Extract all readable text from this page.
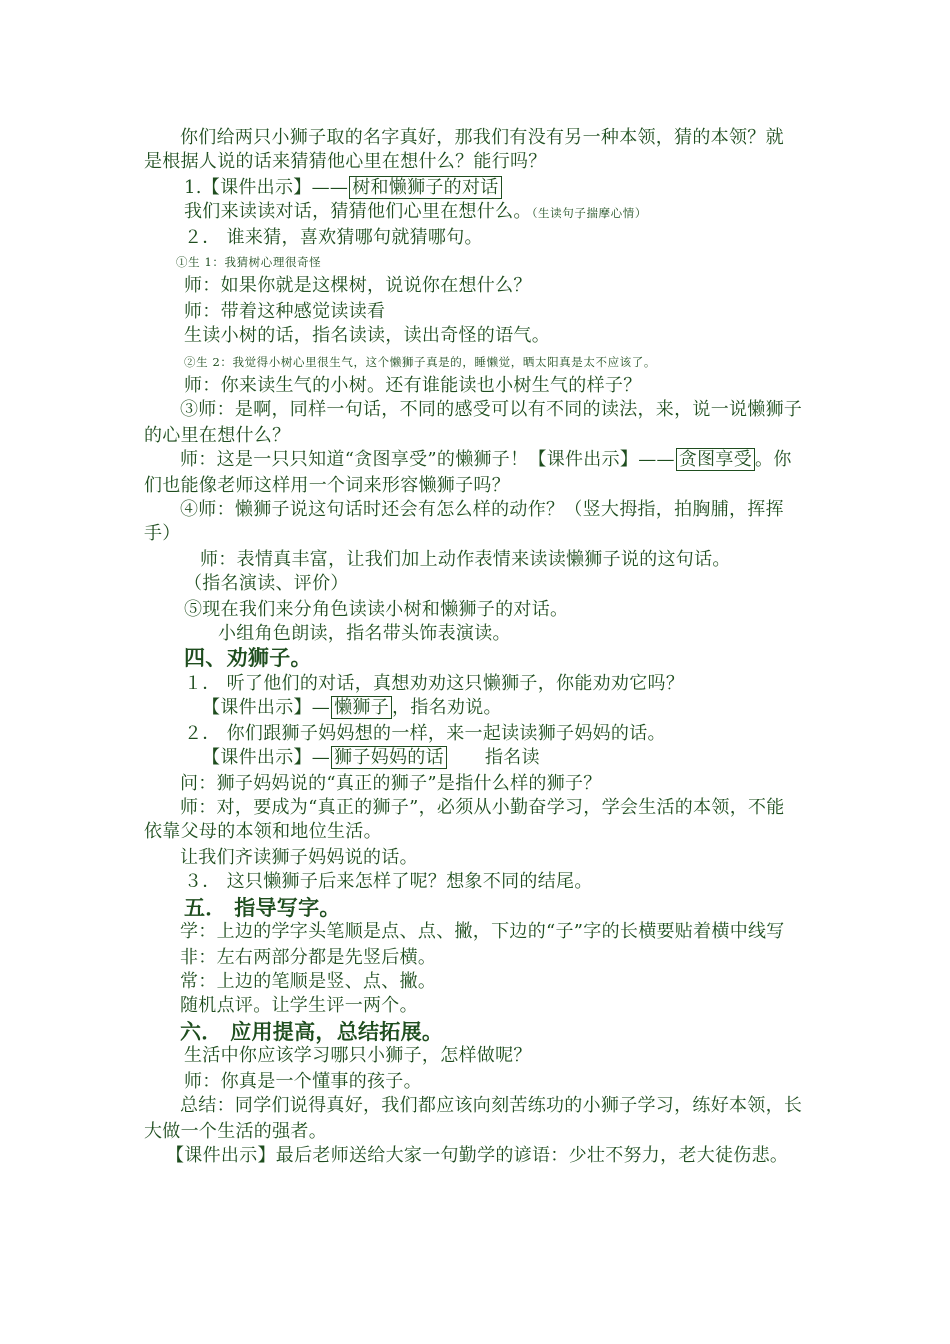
你们给两只小狮子取的名字真好，那我们有没有另一种本领，猜的本领？就
是根据人说的话来猜猜他心里在想什么？能行吗？
1.【课件出示】—— 树和懒狮子的对话
我们来读读对话，猜猜他们心里在想什么。（生读句子揣摩心情）
２． 谁来猜，喜欢猜哪句就猜哪句。
①生 1：我猜树心理很奇怪
师：如果你就是这棵树，说说你在想什么？
师：带着这种感觉读读看
生读小树的话，指名读读，读出奇怪的语气。
②生 2：我觉得小树心里很生气，这个懒狮子真是的，睡懒觉，晒太阳真是太不应该了。
师：你来读生气的小树。还有谁能读也小树生气的样子？
③师：是啊，同样一句话，不同的感受可以有不同的读法，来，说一说懒狮子
的心里在想什么？
师：这是一只只知道“贪图享受”的懒狮子！【课件出示】—— 贪图享受 。你
们也能像老师这样用一个词来形容懒狮子吗？
④师：懒狮子说这句话时还会有怎么样的动作？（竖大拇指，拍胸脯，挥挥
手）
师：表情真丰富，让我们加上动作表情来读读懒狮子说的这句话。
（指名演读、评价）
⑤现在我们来分角色读读小树和懒狮子的对话。
小组角色朗读，指名带头饰表演读。
四、劝狮子。
１． 听了他们的对话，真想劝劝这只懒狮子，你能劝劝它吗？
【课件出示】— 懒狮子 ，指名劝说。
２． 你们跟狮子妈妈想的一样，来一起读读狮子妈妈的话。
【课件出示】— 狮子妈妈的话 指名读
问：狮子妈妈说的“真正的狮子”是指什么样的狮子？
师：对，要成为“真正的狮子”，必须从小勤奋学习，学会生活的本领，不能
依靠父母的本领和地位生活。
让我们齐读狮子妈妈说的话。
３． 这只懒狮子后来怎样了呢？想象不同的结尾。
五． 指导写字。
学：上边的学字头笔顺是点、点、撇，下边的“子”字的长横要贴着横中线写
非：左右两部分都是先竖后横。
常：上边的笔顺是竖、点、撇。
随机点评。让学生评一两个。
六． 应用提高，总结拓展。
生活中你应该学习哪只小狮子，怎样做呢？
师：你真是一个懂事的孩子。
总结：同学们说得真好，我们都应该向刻苦练功的小狮子学习，练好本领，长
大做一个生活的强者。
【课件出示】最后老师送给大家一句勤学的谚语：少壮不努力，老大徒伤悲。
